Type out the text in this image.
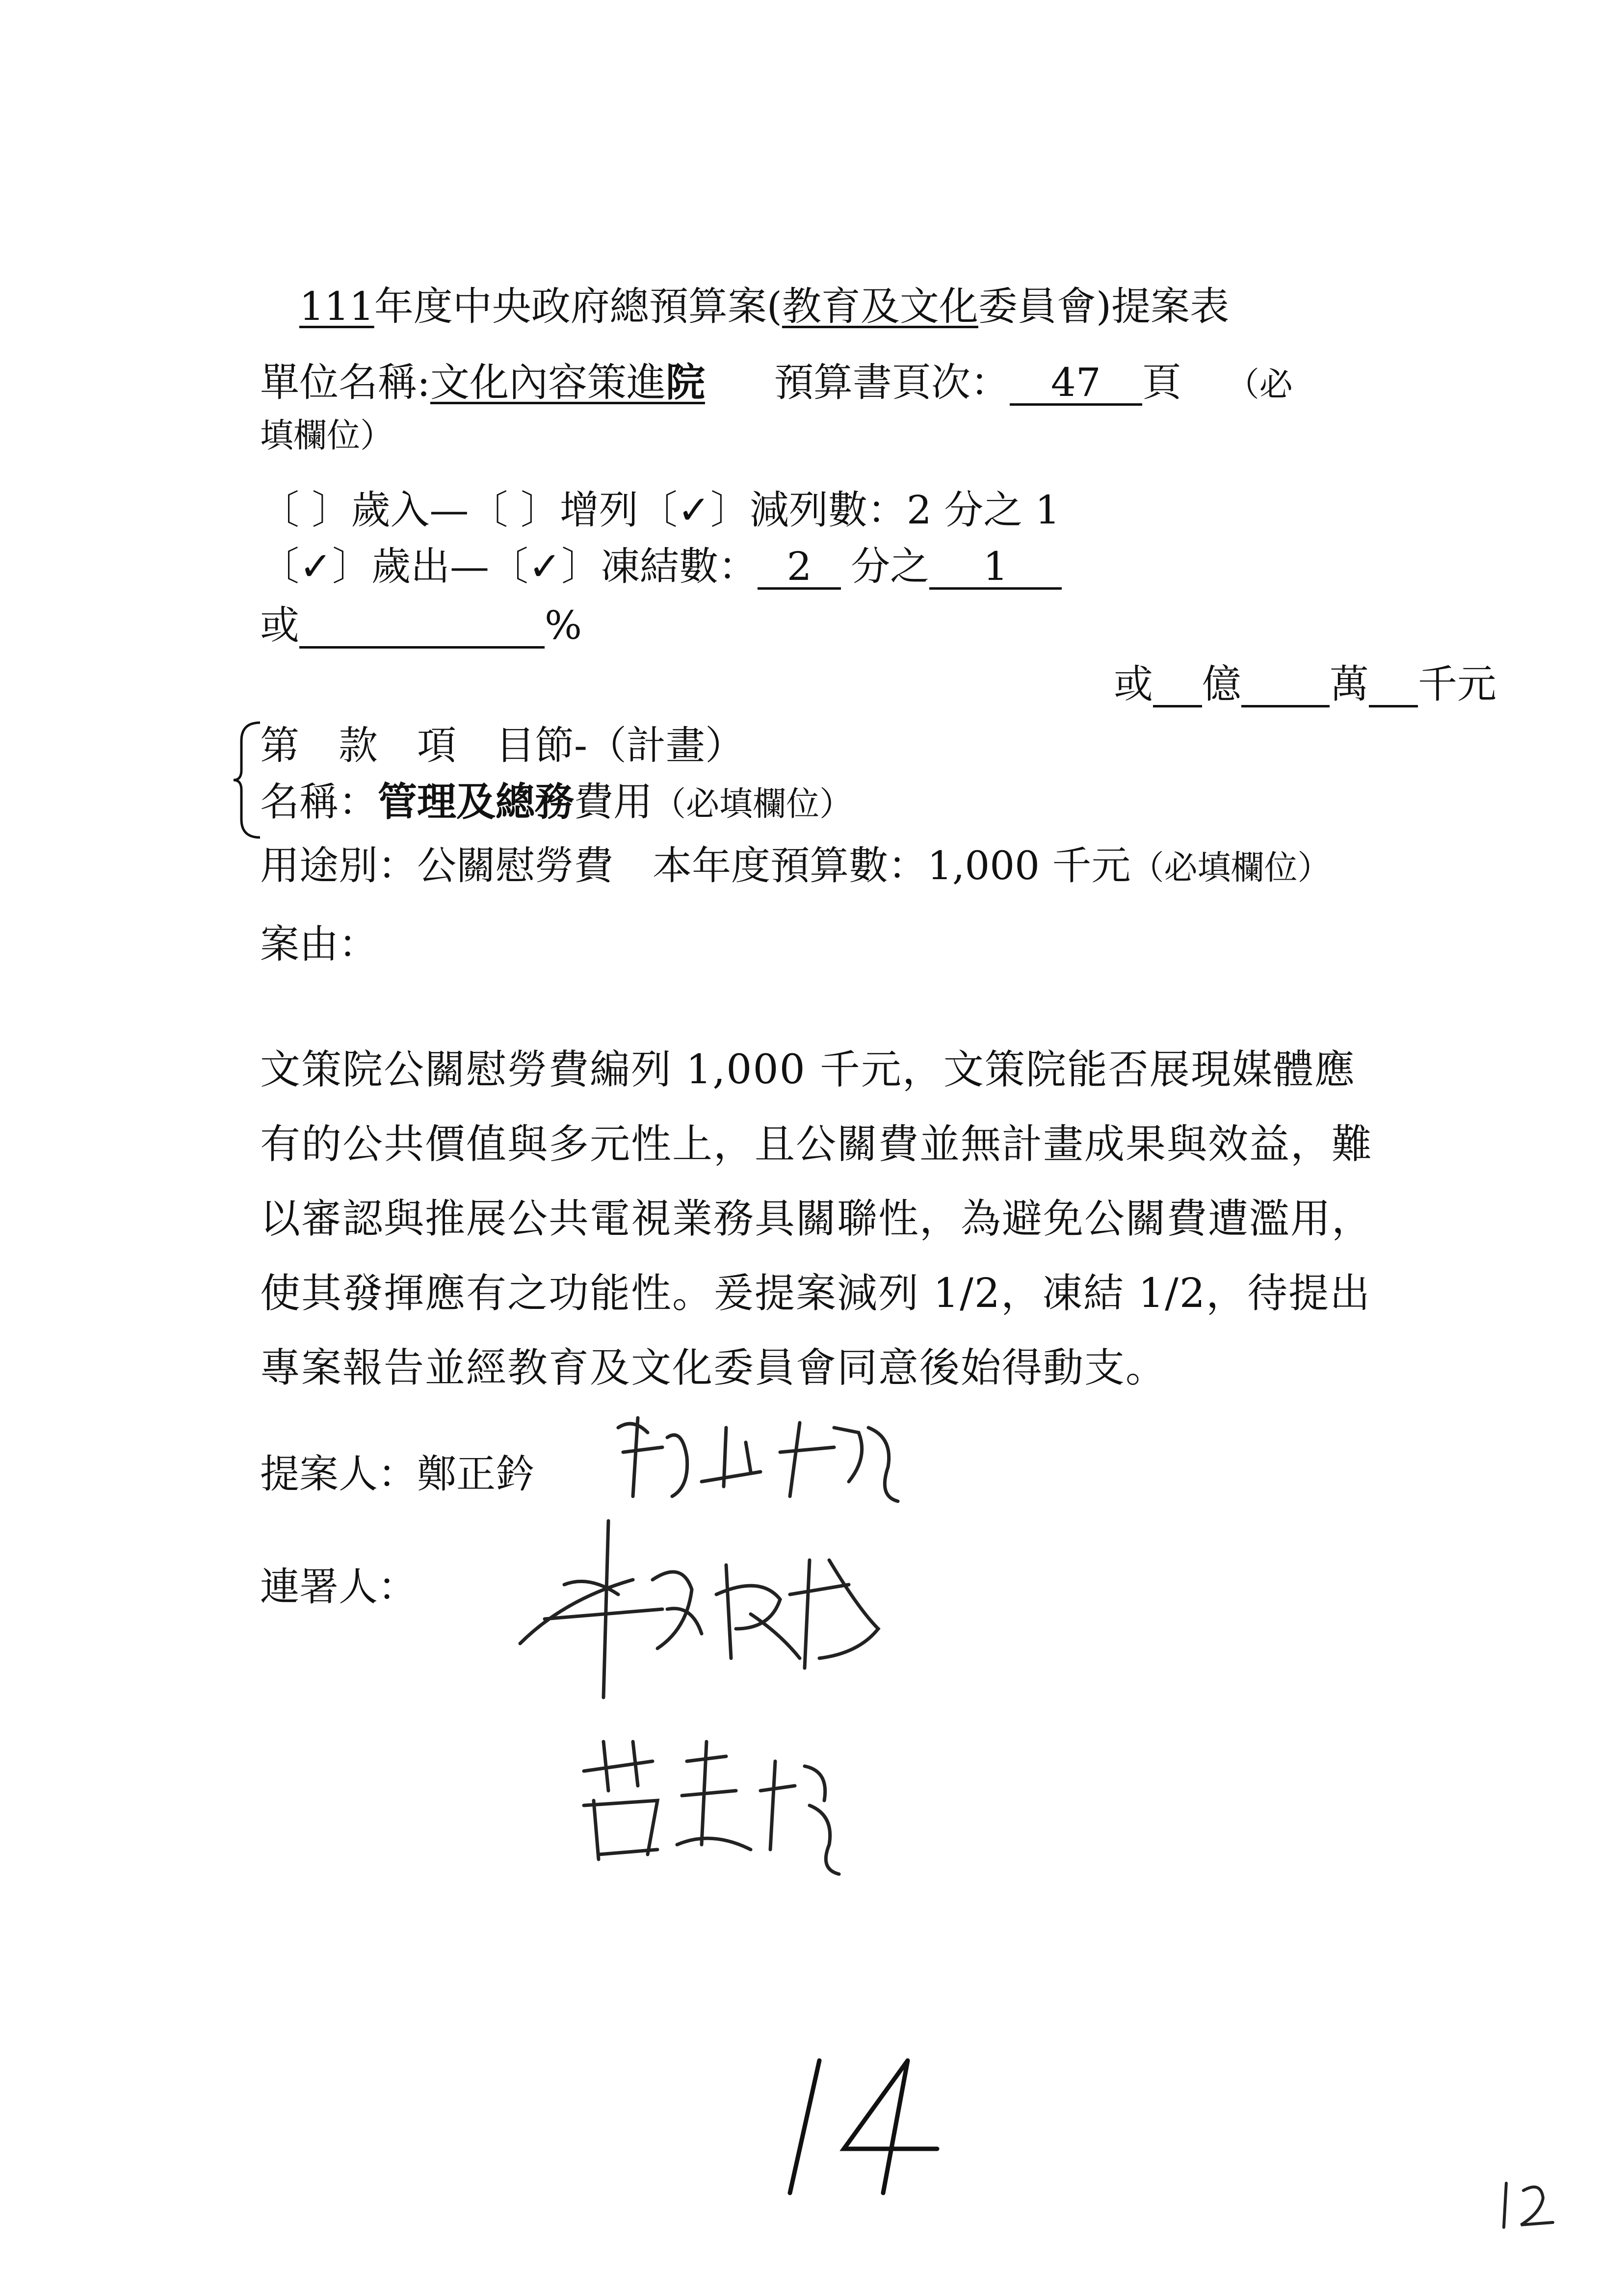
111年度中央政府總預算案(教育及文化委員會)提案表
單位名稱:文化內容策進院 預算書頁次： 47 頁 （必
填欄位）
〔 〕歲入—〔 〕增列〔✓〕減列數：2 分之 1
〔✓〕歲出—〔✓〕凍結數： 2 分之 1
或	%
或 億 萬 千元
第　款　項　目節-（計畫）
名稱：管理及總務費用（必填欄位）
用途別：公關慰勞費　本年度預算數：1,000 千元（必填欄位）
案由：
文策院公關慰勞費編列 1,000 千元，文策院能否展現媒體應有的公共價值與多元性上，且公關費並無計畫成果與效益，難以審認與推展公共電視業務具關聯性，為避免公關費遭濫用，使其發揮應有之功能性。爰提案減列 1/2，凍結 1/2，待提出專案報告並經教育及文化委員會同意後始得動支。
提案人：鄭正鈐
連署人：
